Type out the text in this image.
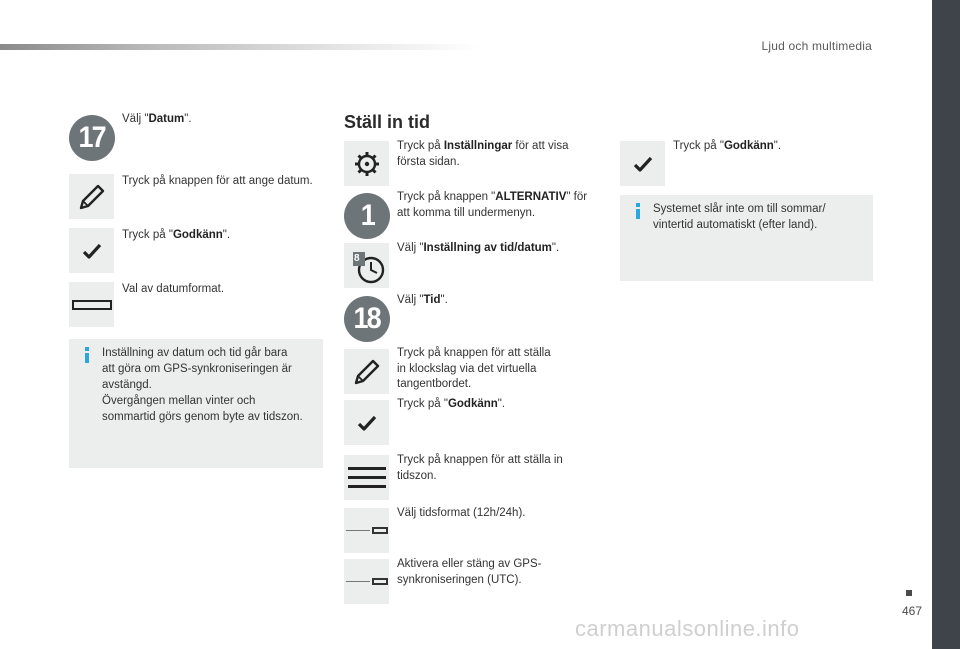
Ljud och multimedia
467
carmanualsonline.info
17
Välj "Datum".
Tryck på knappen för att ange datum.
Tryck på "Godkänn".
Val av datumformat.
Inställning av datum och tid går bara
att göra om GPS-synkroniseringen är
avstängd.
Övergången mellan vinter och
sommartid görs genom byte av tidszon.
Ställ in tid
Tryck på Inställningar för att visa
första sidan.
1
Tryck på knappen "ALTERNATIV" för
att komma till undermenyn.
8
Välj "Inställning av tid/datum".
18
Välj "Tid".
Tryck på knappen för att ställa
in klockslag via det virtuella
tangentbordet.
Tryck på "Godkänn".
Tryck på knappen för att ställa in
tidszon.
Välj tidsformat (12h/24h).
Aktivera eller stäng av GPS-
synkroniseringen (UTC).
Tryck på "Godkänn".
Systemet slår inte om till sommar/
vintertid automatiskt (efter land).
